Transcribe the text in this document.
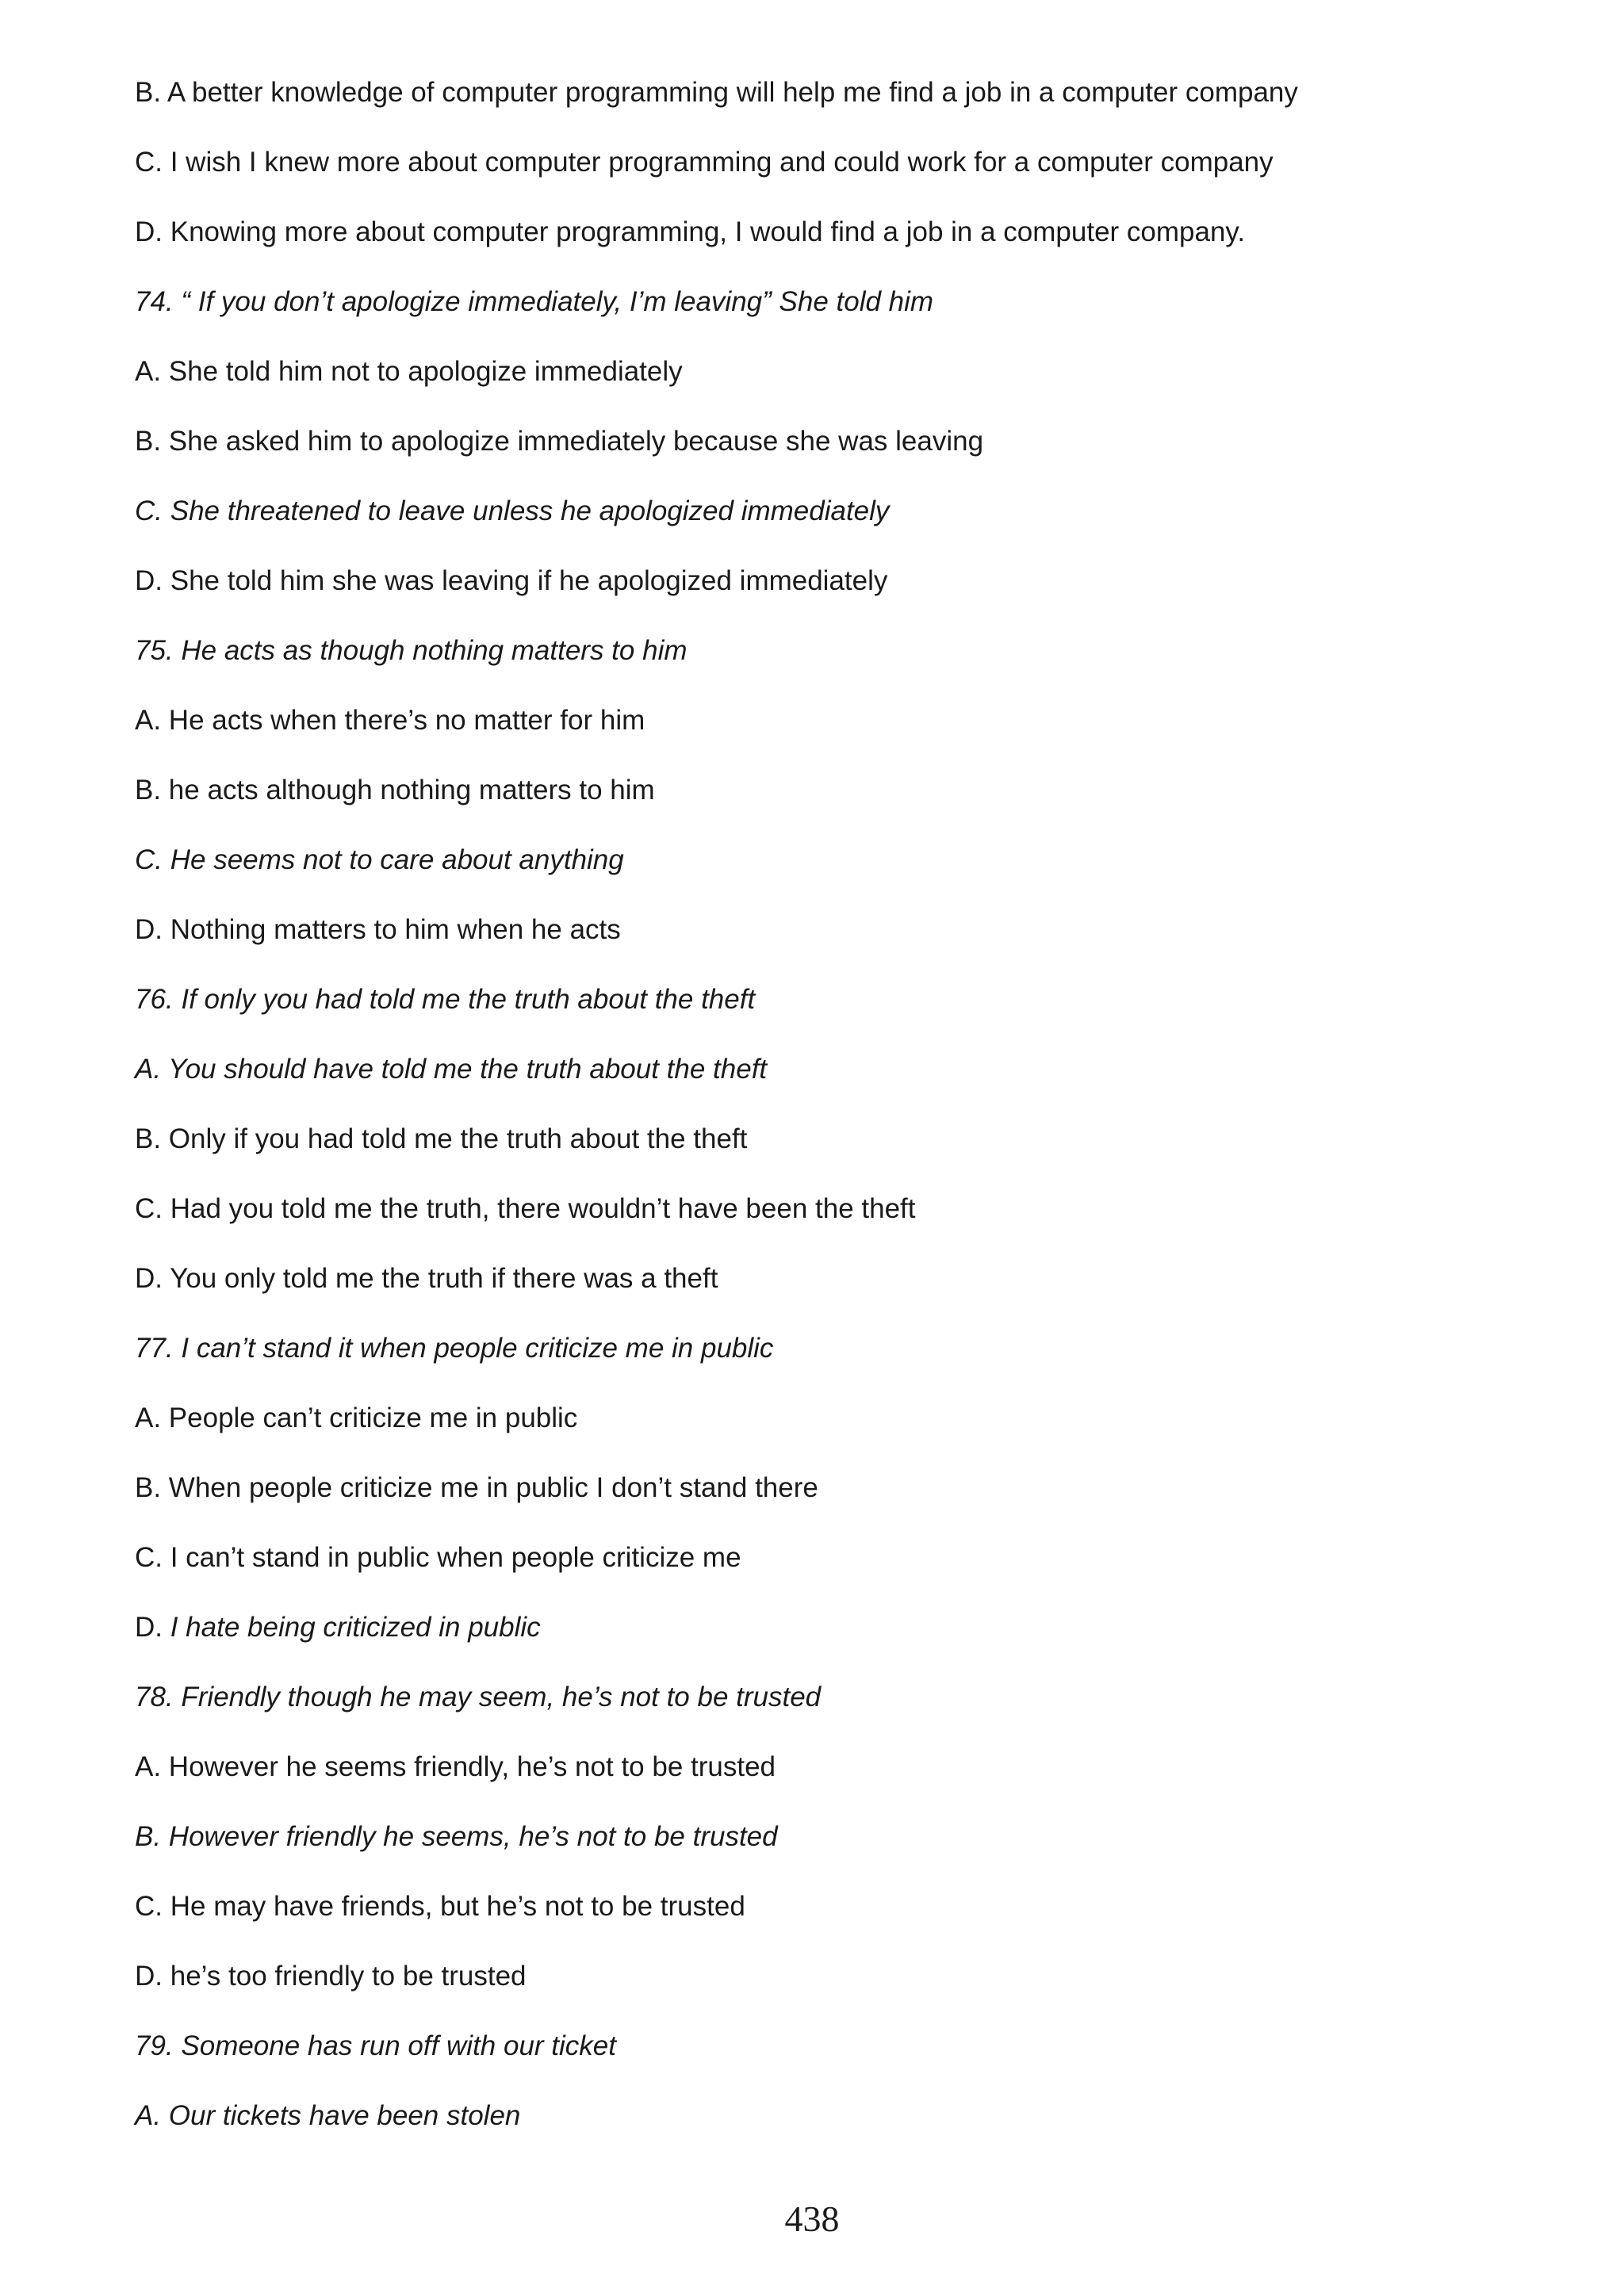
B. A better knowledge of computer programming will help me find a job in a computer company
C. I wish I knew more about computer programming and could work for a computer company
D. Knowing more about computer programming, I would find a job in a computer company.
74. “ If you don’t apologize immediately, I’m leaving” She told him
A. She told him not to apologize immediately
B. She asked him to apologize immediately because she was leaving
C. She threatened to leave unless he apologized immediately
D. She told him she was leaving if he apologized immediately
75. He acts as though nothing matters to him
A. He acts when there’s no matter for him
B. he acts although nothing matters to him
C. He seems not to care about anything
D. Nothing matters to him when he acts
76. If only you had told me the truth about the theft
A. You should have told me the truth about the theft
B. Only if you had told me the truth about the theft
C. Had you told me the truth, there wouldn’t have been the theft
D. You only told me the truth if there was a theft
77. I can’t stand it when people criticize me in public
A. People can’t criticize me in public
B. When people criticize me in public I don’t stand there
C. I can’t stand in public when people criticize me
D. I hate being criticized in public
78. Friendly though he may seem, he’s not to be trusted
A. However he seems friendly, he’s not to be trusted
B. However friendly he seems, he’s not to be trusted
C. He may have friends, but he’s not to be trusted
D. he’s too friendly to be trusted
79. Someone has run off with our ticket
A. Our tickets have been stolen
438
